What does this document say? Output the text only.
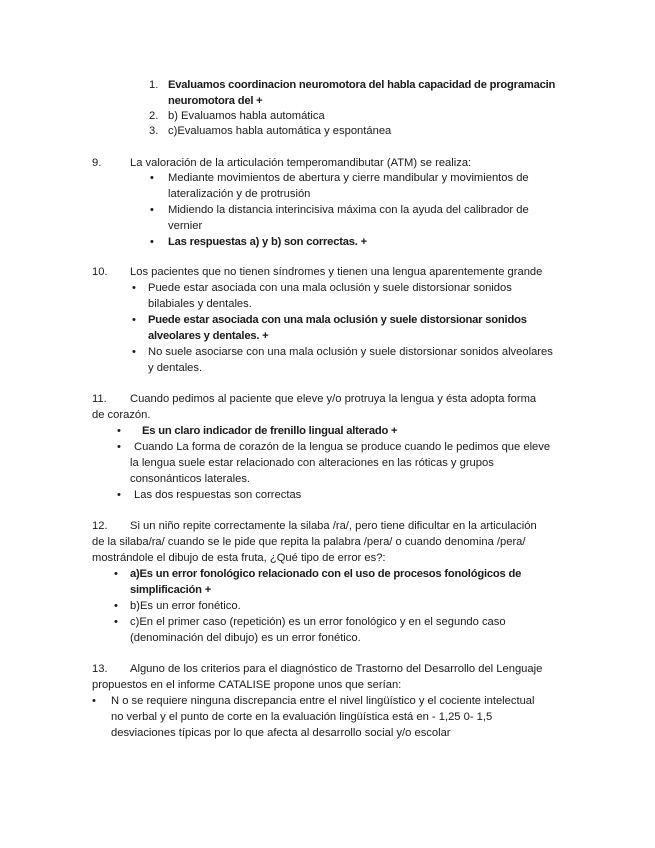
1. Evaluamos coordinacion neuromotora del habla capacidad de programacin
neuromotora del +
2. b) Evaluamos habla automática
3. c)Evaluamos habla automática y espontánea
9.	La valoración de la articulación temperomandibutar (ATM) se realiza:
• Mediante movimientos de abertura y cierre mandibular y movimientos de
lateralización y de protrusión
• Midiendo la distancia interincisiva máxima con la ayuda del calibrador de
vernier
• Las respuestas a) y b) son correctas. +
10. Los pacientes que no tienen síndromes y tienen una lengua aparentemente grande
• Puede estar asociada con una mala oclusión y suele distorsionar sonidos
bilabiales y dentales.
• Puede estar asociada con una mala oclusión y suele distorsionar sonidos
alveolares y dentales. +
• No suele asociarse con una mala oclusión y suele distorsionar sonidos alveolares
y dentales.
11. Cuando pedimos al paciente que eleve y/o protruya la lengua y ésta adopta forma
de corazón.
• Es un claro indicador de frenillo lingual alterado +
• Cuando La forma de corazón de la lengua se produce cuando le pedimos que eleve
la lengua suele estar relacionado con alteraciones en las róticas y grupos
consonánticos laterales.
• Las dos respuestas son correctas
12. Si un niño repite correctamente la silaba /ra/, pero tiene dificultar en la articulación
de la silaba/ra/ cuando se le pide que repita la palabra /pera/ o cuando denomina /pera/
mostrándole el dibujo de esta fruta, ¿Qué tipo de error es?:
• a)Es un error fonológico relacionado con el uso de procesos fonológicos de
simplificación +
• b)Es un error fonético.
• c)En el primer caso (repetición) es un error fonológico y en el segundo caso
(denominación del dibujo) es un error fonético.
13. Alguno de los criterios para el diagnóstico de Trastorno del Desarrollo del Lenguaje
propuestos en el informe CATALISE propone unos que serían:
• N o se requiere ninguna discrepancia entre el nivel lingüístico y el cociente intelectual
no verbal y el punto de corte en la evaluación lingüística está en - 1,25 0- 1,5
desviaciones típicas por lo que afecta al desarrollo social y/o escolar
